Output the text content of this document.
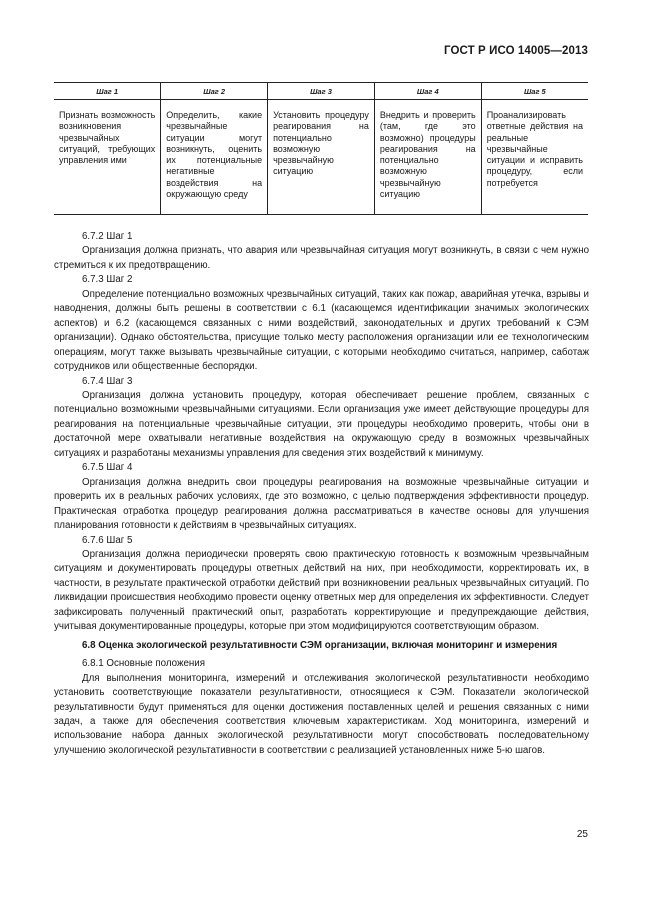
ГОСТ Р ИСО 14005—2013
Шаг 1	Шаг 2	Шаг 3	Шаг 4	Шаг 5
Признать возможность возникновения чрезвычайных ситуаций, требующих управления ими	Определить, какие чрезвычайные ситуации могут возникнуть, оценить их потенциальные негативные воздействия на окружающую среду	Установить процедуру реагирования на потенциально возможную чрезвычайную ситуацию	Внедрить и проверить (там, где это возможно) процедуры реагирования на потенциально возможную чрезвычайную ситуацию	Проанализировать ответные действия на реальные чрезвычайные ситуации и исправить процедуру, если потребуется

6.7.2 Шаг 1

Организация должна признать, что авария или чрезвычайная ситуация могут возникнуть, в связи с чем нужно стремиться к их предотвращению.

6.7.3 Шаг 2

Определение потенциально возможных чрезвычайных ситуаций, таких как пожар, аварийная утечка, взрывы и наводнения, должны быть решены в соответствии с 6.1 (касающемся идентификации значимых экологических аспектов) и 6.2 (касающемся связанных с ними воздействий, законодательных и других требований к СЭМ организации). Однако обстоятельства, присущие только месту расположения организации или ее технологическим операциям, могут также вызывать чрезвычайные ситуации, с которыми необходимо считаться, например, саботаж сотрудников или общественные беспорядки.

6.7.4 Шаг 3

Организация должна установить процедуру, которая обеспечивает решение проблем, связанных с потенциально возможными чрезвычайными ситуациями. Если организация уже имеет действующие процедуры для реагирования на потенциальные чрезвычайные ситуации, эти процедуры необходимо проверить, чтобы они в достаточной мере охватывали негативные воздействия на окружающую среду в возможных чрезвычайных ситуациях и разработаны механизмы управления для сведения этих воздействий к минимуму.

6.7.5 Шаг 4

Организация должна внедрить свои процедуры реагирования на возможные чрезвычайные ситуации и проверить их в реальных рабочих условиях, где это возможно, с целью подтверждения эффективности процедур. Практическая отработка процедур реагирования должна рассматриваться в качестве основы для улучшения планирования готовности к действиям в чрезвычайных ситуациях.

6.7.6 Шаг 5

Организация должна периодически проверять свою практическую готовность к возможным чрезвычайным ситуациям и документировать процедуры ответных действий на них, при необходимости, корректировать их, в частности, в результате практической отработки действий при возникновении реальных чрезвычайных ситуаций. По ликвидации происшествия необходимо провести оценку ответных мер для определения их эффективности. Следует зафиксировать полученный практический опыт, разработать корректирующие и предупреждающие действия, учитывая документированные процедуры, которые при этом модифицируются соответствующим образом.

6.8 Оценка экологической результативности СЭМ организации, включая мониторинг и измерения

6.8.1 Основные положения

Для выполнения мониторинга, измерений и отслеживания экологической результативности необходимо установить соответствующие показатели результативности, относящиеся к СЭМ. Показатели экологической результативности будут применяться для оценки достижения поставленных целей и решения связанных с ними задач, а также для обеспечения соответствия ключевым характеристикам. Ход мониторинга, измерений и использование набора данных экологической результативности могут способствовать последовательному улучшению экологической результативности в соответствии с реализацией установленных ниже 5-ю шагов.

25
